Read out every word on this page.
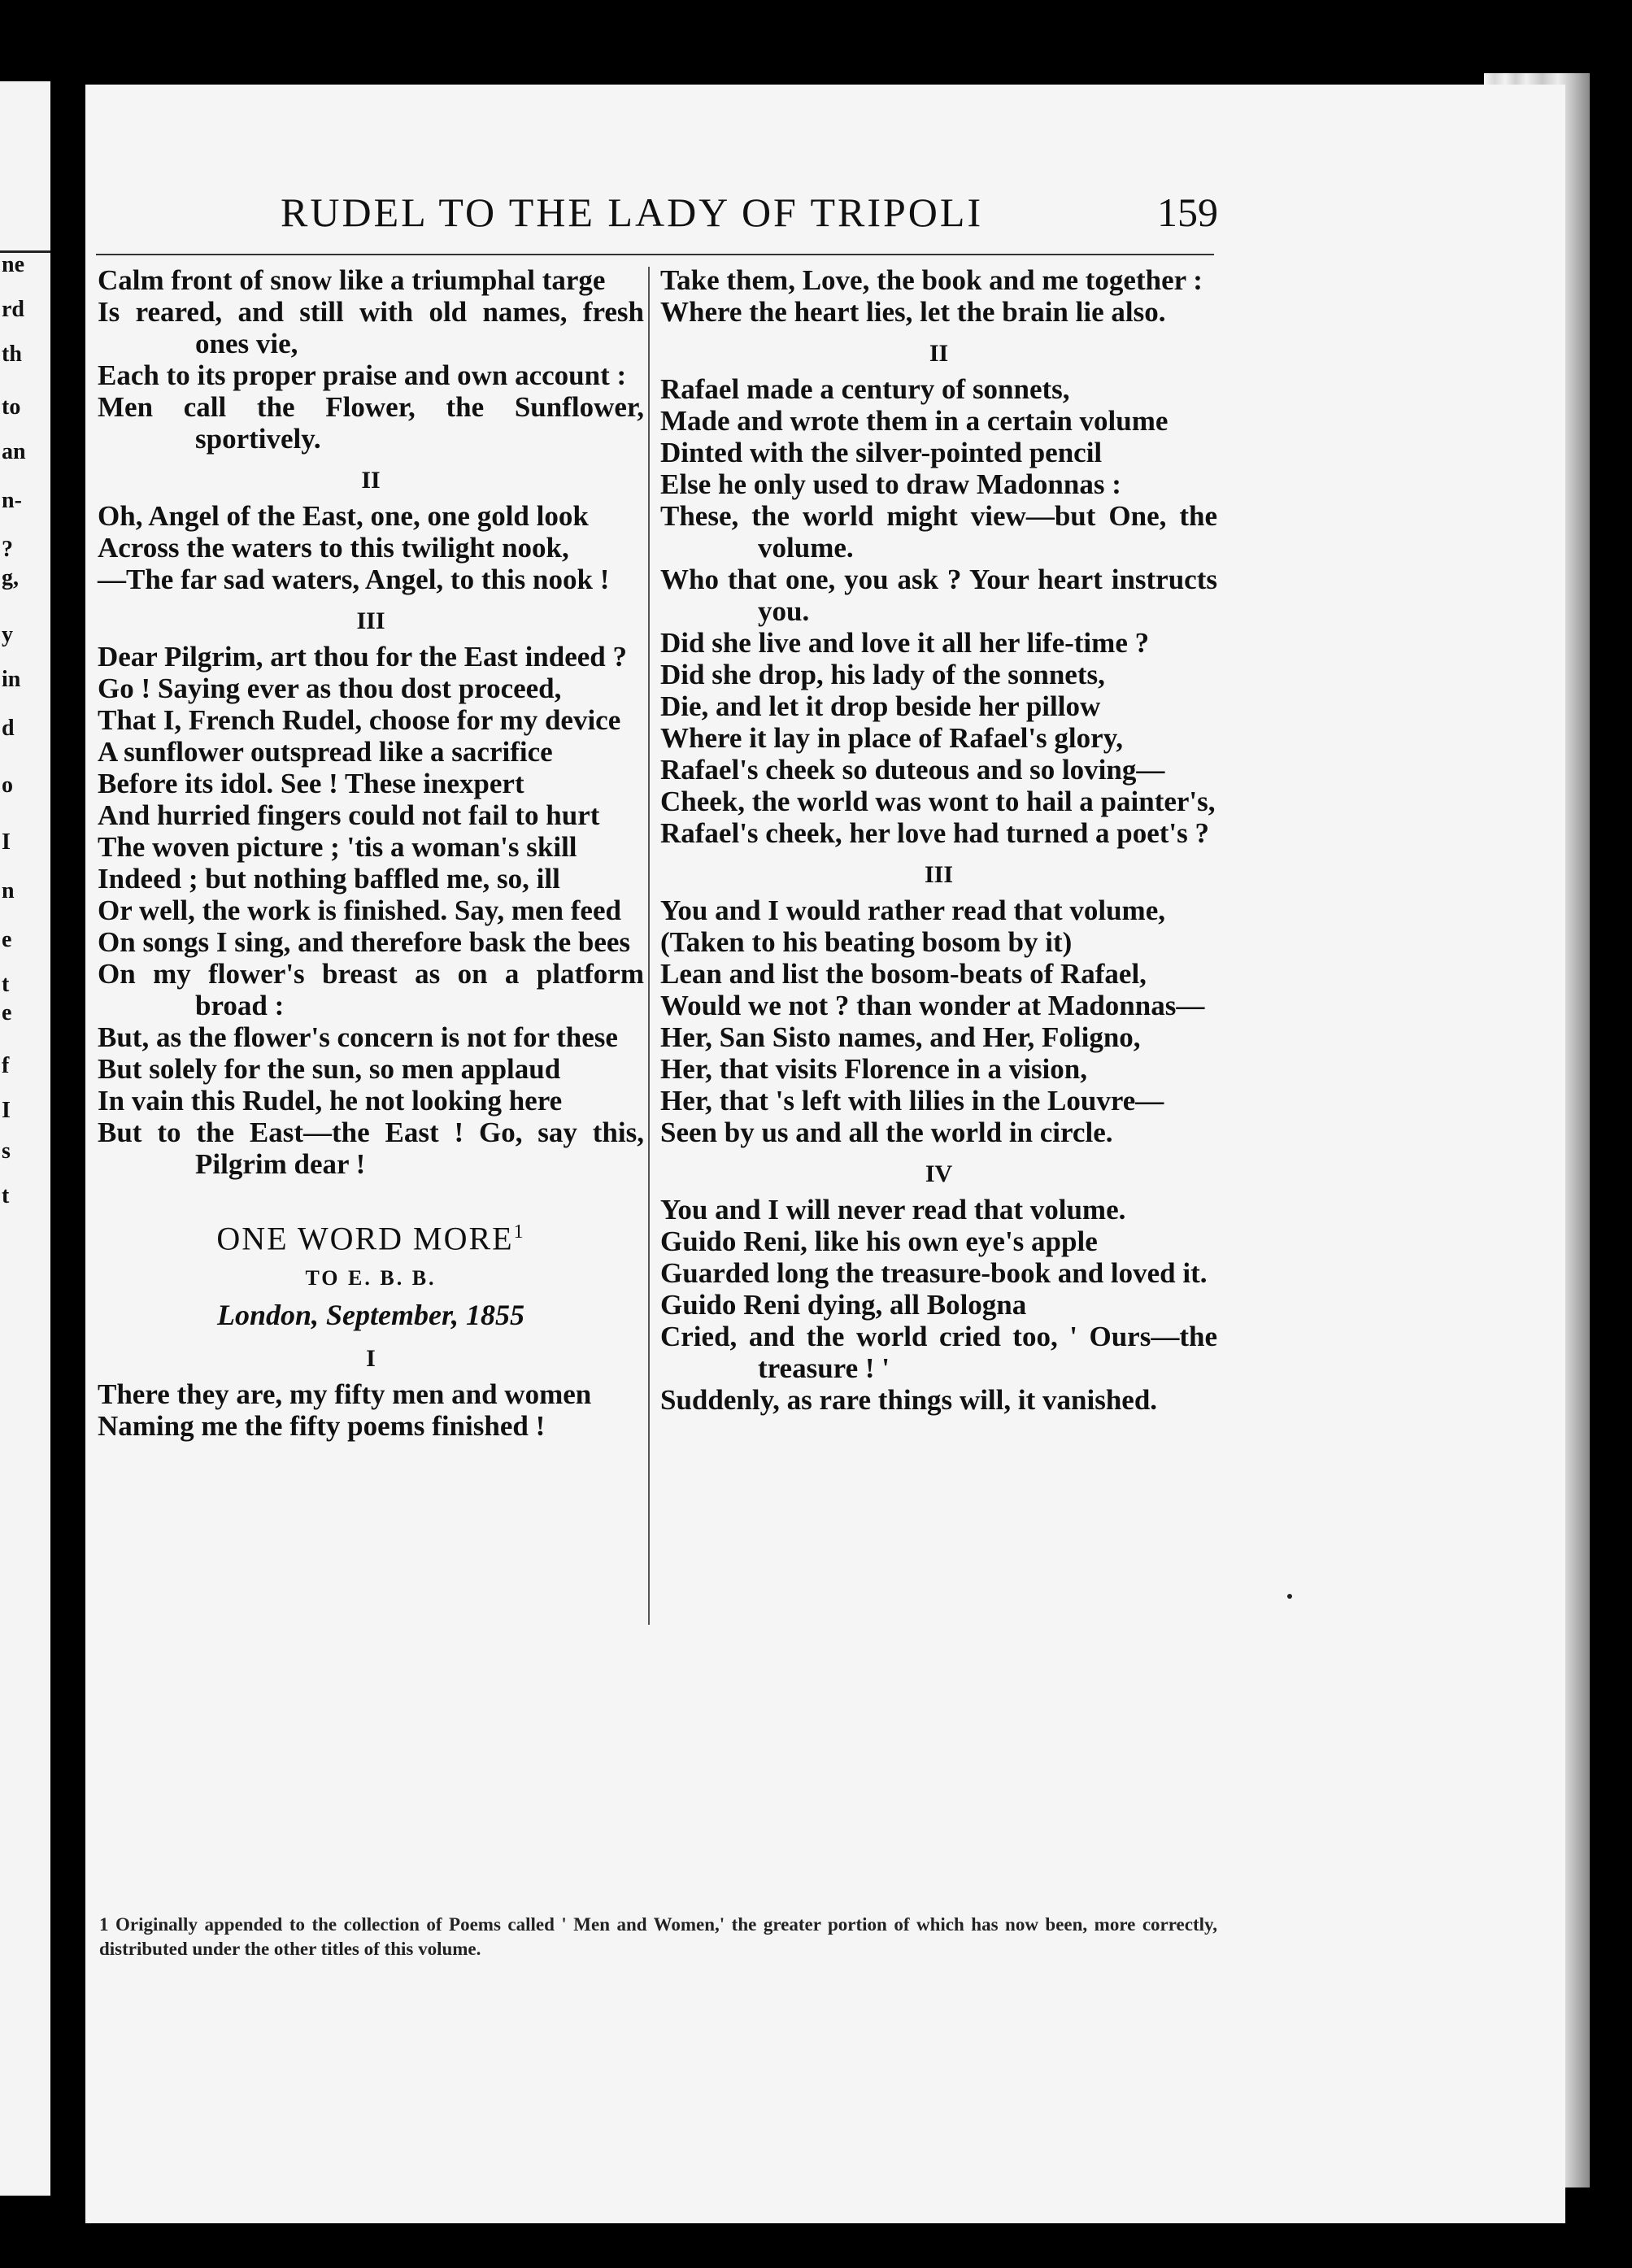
ne
rd
th
to
an
n-
?
g,
y
in
d
o
I
n
e
t
e
f
I
s
t
RUDEL TO THE LADY OF TRIPOLI	159

Calm front of snow like a triumphal targe

Is reared, and still with old names, fresh ones vie,

Each to its proper praise and own account :

Men call the Flower, the Sunflower, sportively.

II

Oh, Angel of the East, one, one gold look

Across the waters to this twilight nook,

—The far sad waters, Angel, to this nook !

III

Dear Pilgrim, art thou for the East indeed ?

Go ! Saying ever as thou dost proceed,

That I, French Rudel, choose for my device

A sunflower outspread like a sacrifice

Before its idol. See ! These inexpert

And hurried fingers could not fail to hurt

The woven picture ; 'tis a woman's skill

Indeed ; but nothing baffled me, so, ill

Or well, the work is finished. Say, men feed

On songs I sing, and therefore bask the bees

On my flower's breast as on a platform broad :

But, as the flower's concern is not for these

But solely for the sun, so men applaud

In vain this Rudel, he not looking here

But to the East—the East ! Go, say this, Pilgrim dear !

ONE WORD MORE$^1$
TO E. B. B.
London, September, 1855
I

There they are, my fifty men and women

Naming me the fifty poems finished !

Take them, Love, the book and me together :

Where the heart lies, let the brain lie also.

II

Rafael made a century of sonnets,

Made and wrote them in a certain volume

Dinted with the silver-pointed pencil

Else he only used to draw Madonnas :

These, the world might view—but One, the volume.

Who that one, you ask ? Your heart instructs you.

Did she live and love it all her life-time ?

Did she drop, his lady of the sonnets,

Die, and let it drop beside her pillow

Where it lay in place of Rafael's glory,

Rafael's cheek so duteous and so loving—

Cheek, the world was wont to hail a painter's,

Rafael's cheek, her love had turned a poet's ?

III

You and I would rather read that volume,

(Taken to his beating bosom by it)

Lean and list the bosom-beats of Rafael,

Would we not ? than wonder at Madonnas—

Her, San Sisto names, and Her, Foligno,

Her, that visits Florence in a vision,

Her, that 's left with lilies in the Louvre—

Seen by us and all the world in circle.

IV

You and I will never read that volume.

Guido Reni, like his own eye's apple

Guarded long the treasure-book and loved it.

Guido Reni dying, all Bologna

Cried, and the world cried too, ' Ours—the treasure ! '

Suddenly, as rare things will, it vanished.

1 Originally appended to the collection of Poems called ' Men and Women,' the greater portion of which has now been, more correctly, distributed under the other titles of this volume.
